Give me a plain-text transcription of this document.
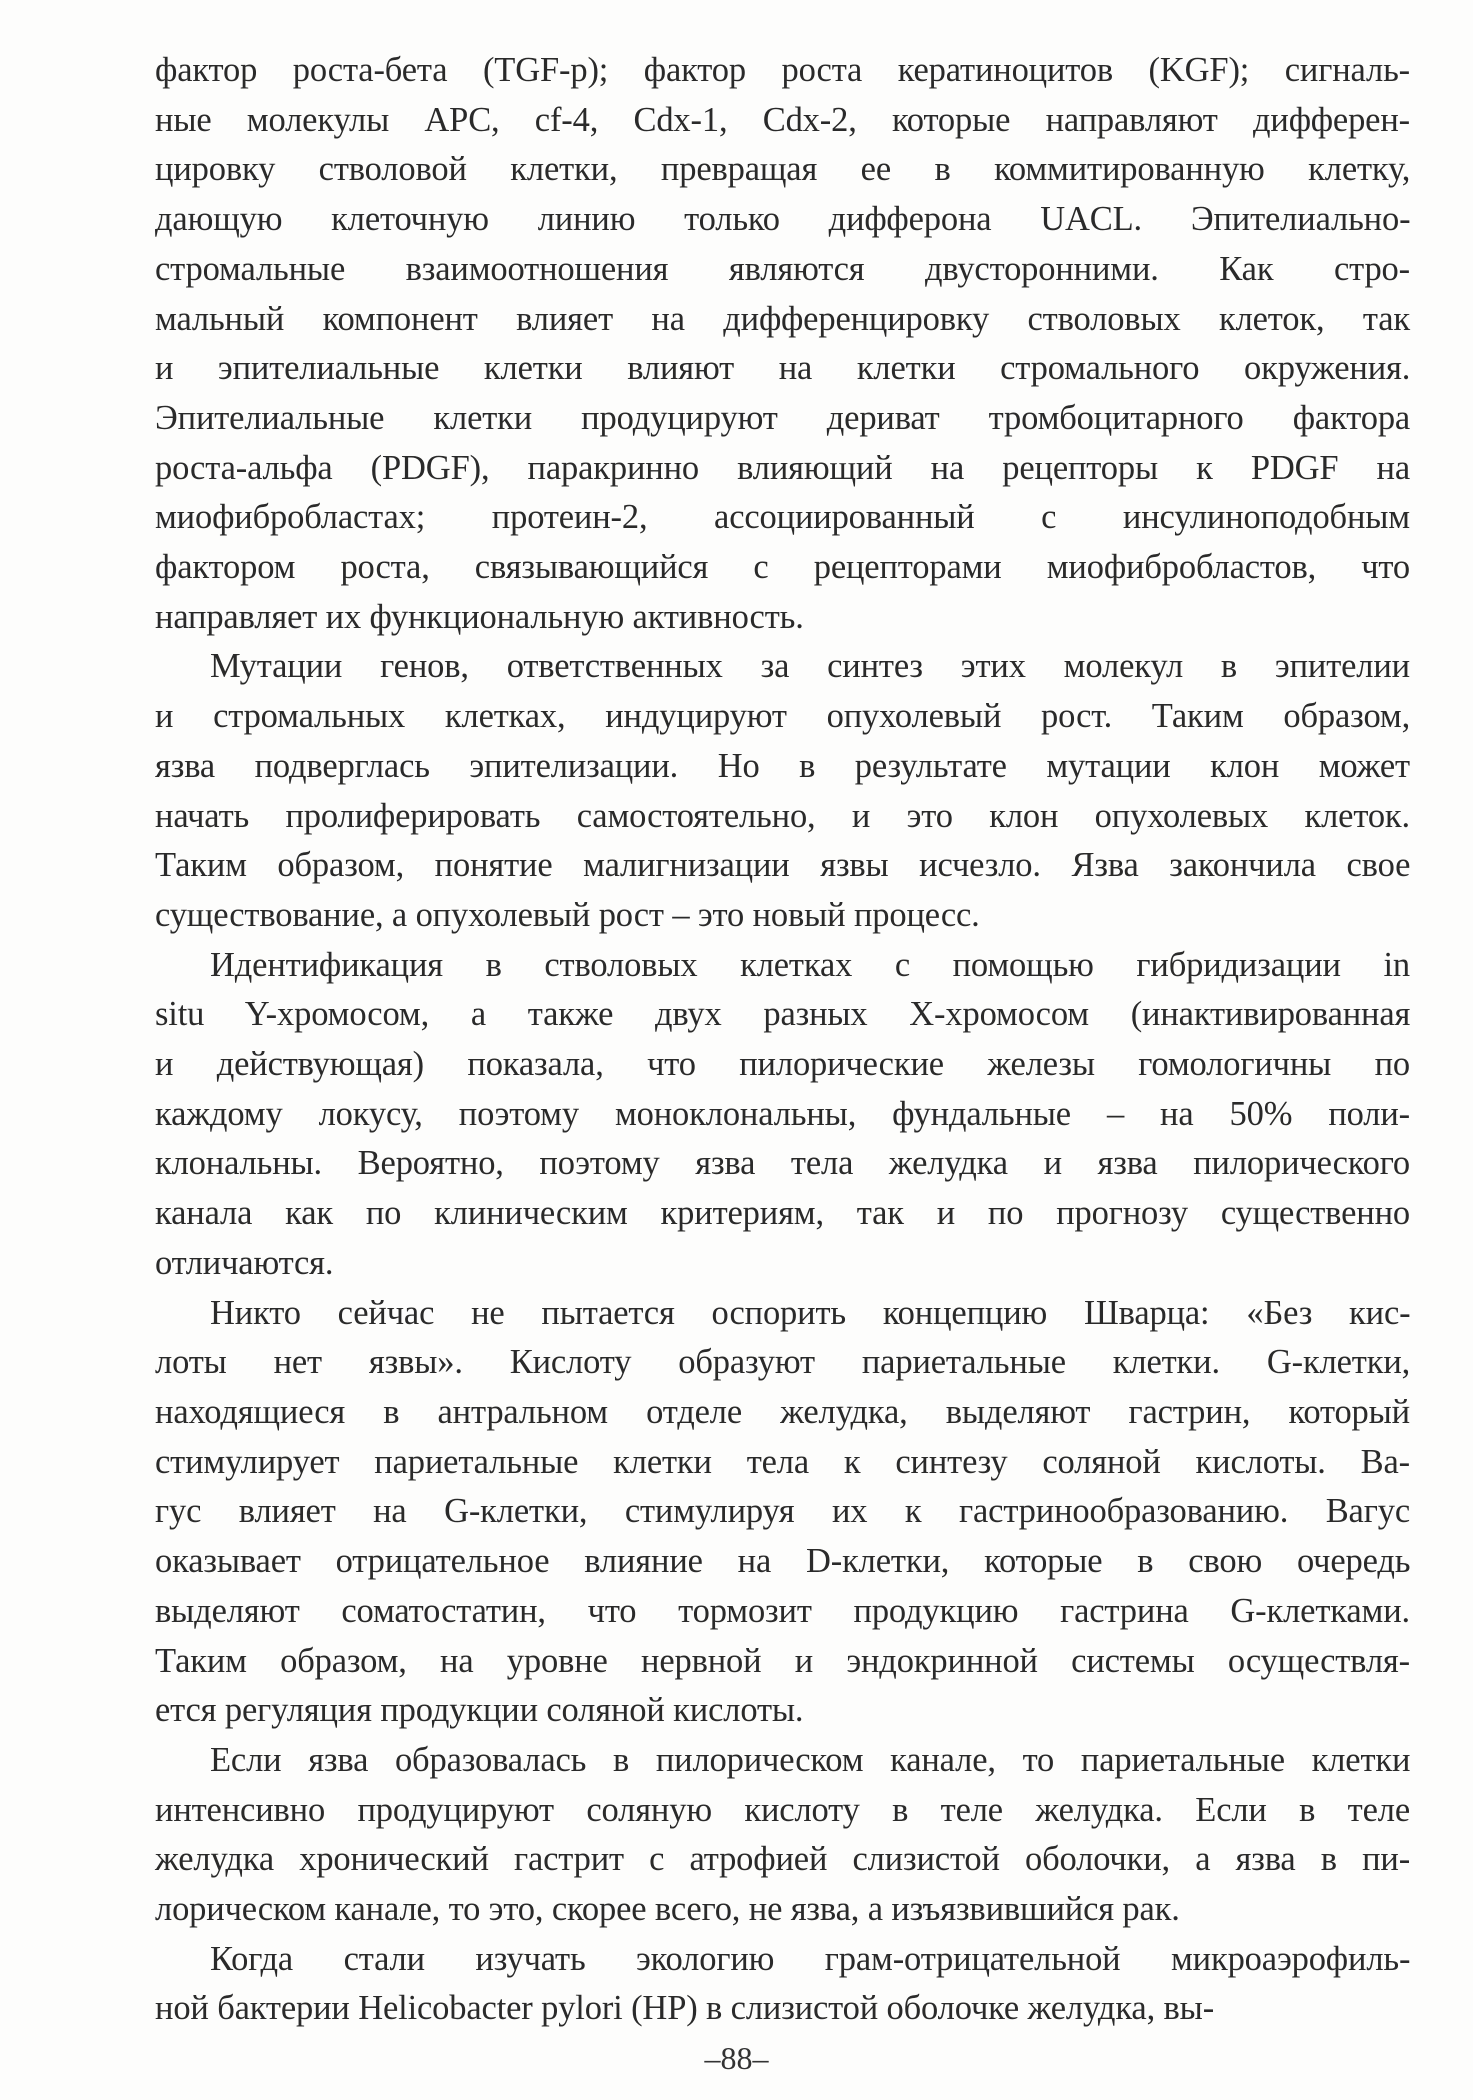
фактор роста-бета (TGF-p); фактор роста кератиноцитов (KGF); сигналь-
ные молекулы APC, cf-4, Cdx-1, Cdx-2, которые направляют дифферен-
цировку стволовой клетки, превращая ее в коммитированную клетку,
дающую клеточную линию только дифферона UACL. Эпителиально-
стромальные взаимоотношения являются двусторонними. Как стро-
мальный компонент влияет на дифференцировку стволовых клеток, так
и эпителиальные клетки влияют на клетки стромального окружения.
Эпителиальные клетки продуцируют дериват тромбоцитарного фактора
роста-альфа (PDGF), паракринно влияющий на рецепторы к PDGF на
миофибробластах; протеин-2, ассоциированный с инсулиноподобным
фактором роста, связывающийся с рецепторами миофибробластов, что
направляет их функциональную активность.
Мутации генов, ответственных за синтез этих молекул в эпителии
и стромальных клетках, индуцируют опухолевый рост. Таким образом,
язва подверглась эпителизации. Но в результате мутации клон может
начать пролиферировать самостоятельно, и это клон опухолевых клеток.
Таким образом, понятие малигнизации язвы исчезло. Язва закончила свое
существование, а опухолевый рост – это новый процесс.
Идентификация в стволовых клетках с помощью гибридизации in
situ Y-хромосом, а также двух разных X-хромосом (инактивированная
и действующая) показала, что пилорические железы гомологичны по
каждому локусу, поэтому моноклональны, фундальные – на 50% поли-
клональны. Вероятно, поэтому язва тела желудка и язва пилорического
канала как по клиническим критериям, так и по прогнозу существенно
отличаются.
Никто сейчас не пытается оспорить концепцию Шварца: «Без кис-
лоты нет язвы». Кислоту образуют париетальные клетки. G-клетки,
находящиеся в антральном отделе желудка, выделяют гастрин, который
стимулирует париетальные клетки тела к синтезу соляной кислоты. Ва-
гус влияет на G-клетки, стимулируя их к гастринообразованию. Вагус
оказывает отрицательное влияние на D-клетки, которые в свою очередь
выделяют соматостатин, что тормозит продукцию гастрина G-клетками.
Таким образом, на уровне нервной и эндокринной системы осуществля-
ется регуляция продукции соляной кислоты.
Если язва образовалась в пилорическом канале, то париетальные клетки
интенсивно продуцируют соляную кислоту в теле желудка. Если в теле
желудка хронический гастрит с атрофией слизистой оболочки, а язва в пи-
лорическом канале, то это, скорее всего, не язва, а изъязвившийся рак.
Когда стали изучать экологию грам-отрицательной микроаэрофиль-
ной бактерии Helicobacter pylori (HP) в слизистой оболочке желудка, вы-
–88–
